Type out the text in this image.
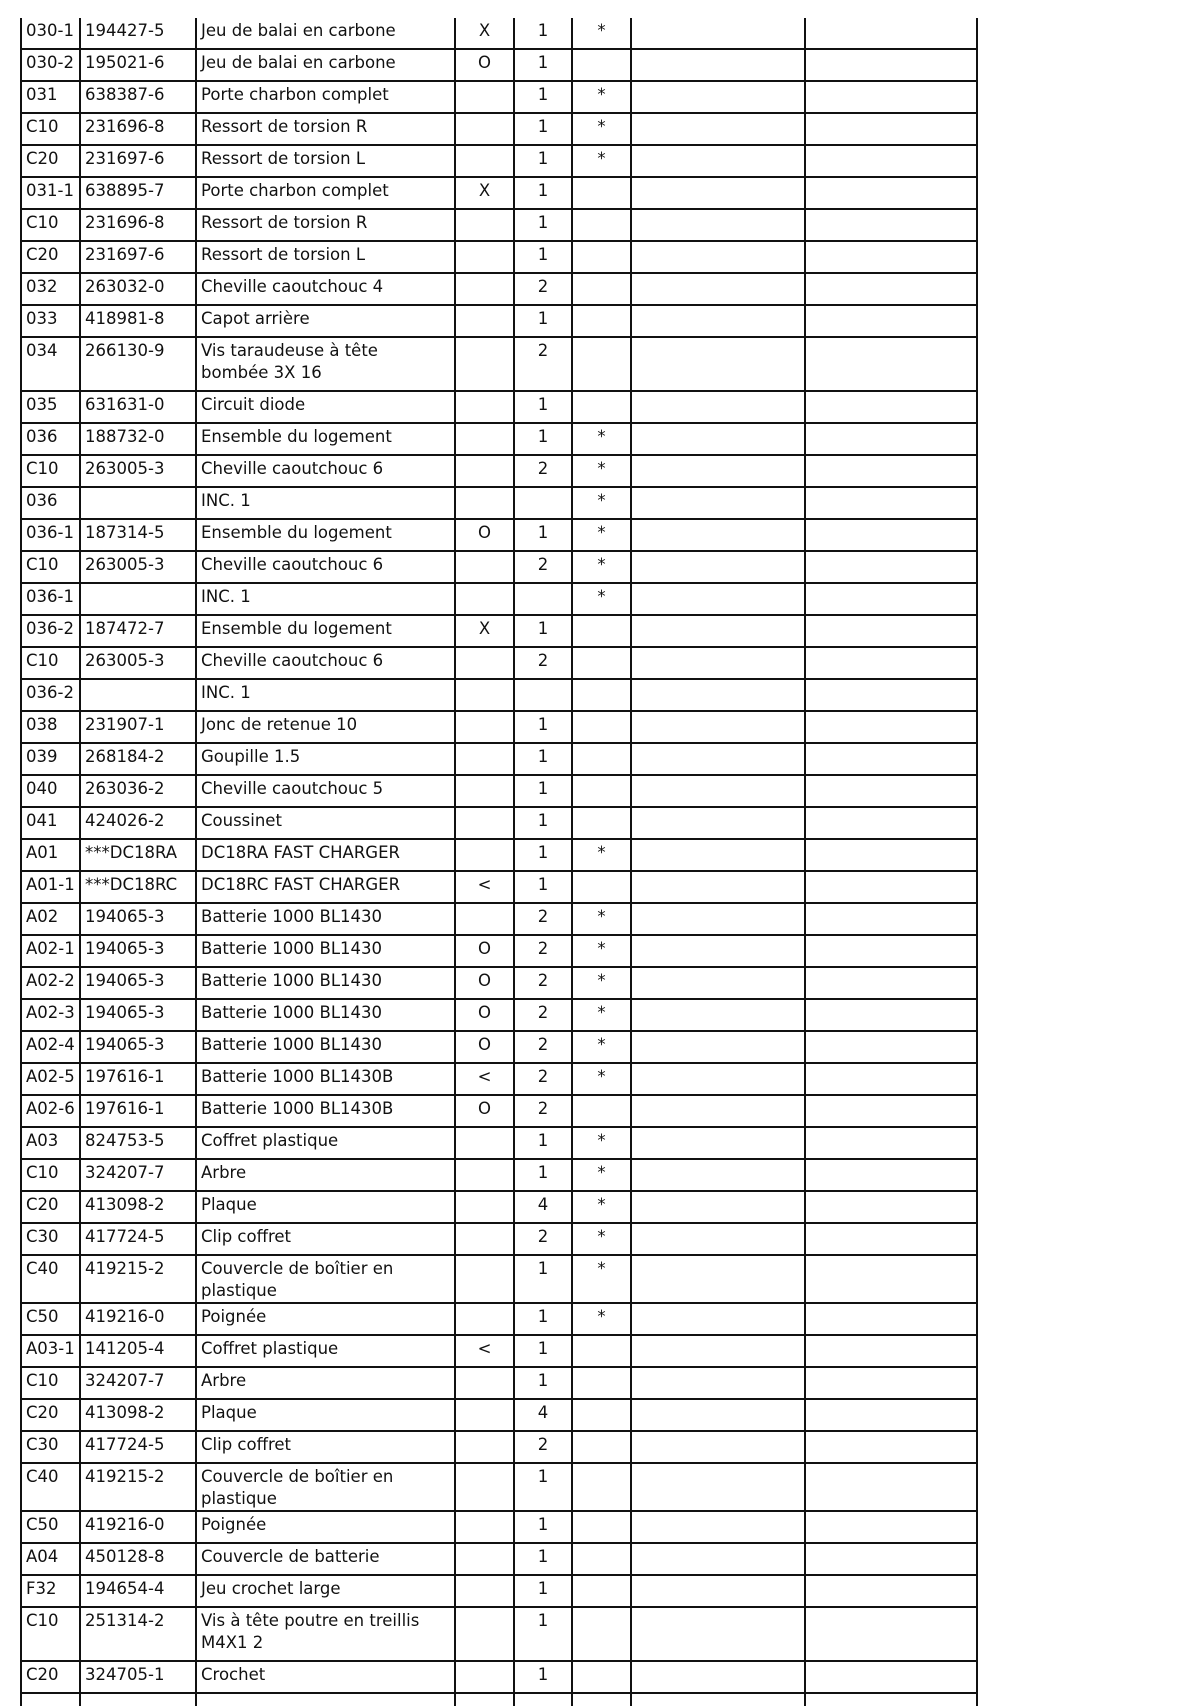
030-1	194427-5	Jeu de balai en carbone	X	1	*		
030-2	195021-6	Jeu de balai en carbone	O	1			
031	638387-6	Porte charbon complet		1	*		
C10	231696-8	Ressort de torsion R		1	*		
C20	231697-6	Ressort de torsion L		1	*		
031-1	638895-7	Porte charbon complet	X	1			
C10	231696-8	Ressort de torsion R		1			
C20	231697-6	Ressort de torsion L		1			
032	263032-0	Cheville caoutchouc 4		2			
033	418981-8	Capot arrière		1			
034	266130-9	Vis taraudeuse à tête bombée 3X 16		2			
035	631631-0	Circuit diode		1			
036	188732-0	Ensemble du logement		1	*		
C10	263005-3	Cheville caoutchouc 6		2	*		
036		INC. 1			*		
036-1	187314-5	Ensemble du logement	O	1	*		
C10	263005-3	Cheville caoutchouc 6		2	*		
036-1		INC. 1			*		
036-2	187472-7	Ensemble du logement	X	1			
C10	263005-3	Cheville caoutchouc 6		2			
036-2		INC. 1					
038	231907-1	Jonc de retenue 10		1			
039	268184-2	Goupille 1.5		1			
040	263036-2	Cheville caoutchouc 5		1			
041	424026-2	Coussinet		1			
A01	***DC18RA	DC18RA FAST CHARGER		1	*		
A01-1	***DC18RC	DC18RC FAST CHARGER	<	1			
A02	194065-3	Batterie 1000 BL1430		2	*		
A02-1	194065-3	Batterie 1000 BL1430	O	2	*		
A02-2	194065-3	Batterie 1000 BL1430	O	2	*		
A02-3	194065-3	Batterie 1000 BL1430	O	2	*		
A02-4	194065-3	Batterie 1000 BL1430	O	2	*		
A02-5	197616-1	Batterie 1000 BL1430B	<	2	*		
A02-6	197616-1	Batterie 1000 BL1430B	O	2			
A03	824753-5	Coffret plastique		1	*		
C10	324207-7	Arbre		1	*		
C20	413098-2	Plaque		4	*		
C30	417724-5	Clip coffret		2	*		
C40	419215-2	Couvercle de boîtier en plastique		1	*		
C50	419216-0	Poignée		1	*		
A03-1	141205-4	Coffret plastique	<	1			
C10	324207-7	Arbre		1			
C20	413098-2	Plaque		4			
C30	417724-5	Clip coffret		2			
C40	419215-2	Couvercle de boîtier en plastique		1			
C50	419216-0	Poignée		1			
A04	450128-8	Couvercle de batterie		1			
F32	194654-4	Jeu crochet large		1			
C10	251314-2	Vis à tête poutre en treillis M4X1 2		1			
C20	324705-1	Crochet		1			
